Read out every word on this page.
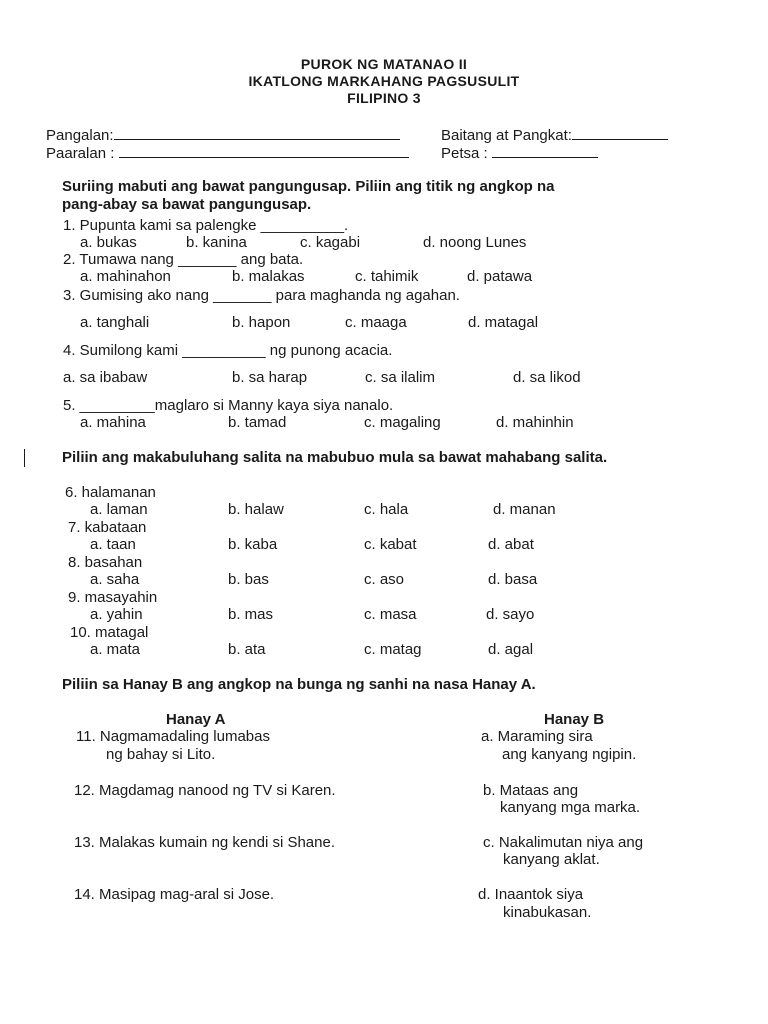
PUROK NG MATANAO II
IKATLONG MARKAHANG PAGSUSULIT
FILIPINO 3
Pangalan:	Baitang at Pangkat:
Paaralan :	Petsa :
Suriing mabuti ang bawat pangungusap. Piliin ang titik ng angkop na
pang-abay sa bawat pangungusap.
1. Pupunta kami sa palengke __________.
a. bukas	b. kanina	c. kagabi	d. noong Lunes
2. Tumawa nang _______ ang bata.
a. mahinahon	b. malakas	c. tahimik	d. patawa
3. Gumising ako nang _______ para maghanda ng agahan.
a. tanghali	b. hapon	c. maaga	d. matagal
4. Sumilong kami __________ ng punong acacia.
a. sa ibabaw	b. sa harap	c. sa ilalim	d. sa likod
5. _________maglaro si Manny kaya siya nanalo.
a. mahina	b. tamad	c. magaling	d. mahinhin
Piliin ang makabuluhang salita na mabubuo mula sa bawat mahabang salita.
6. halamanan
a. laman	b. halaw	c. hala	d. manan
7. kabataan
a. taan	b. kaba	c. kabat	d. abat
8. basahan
a. saha	b. bas	c. aso	d. basa
9. masayahin
a. yahin	b. mas	c. masa	d. sayo
10. matagal
a. mata	b. ata	c. matag	d. agal
Piliin sa Hanay B ang angkop na bunga ng sanhi na nasa Hanay A.
Hanay A	Hanay B
11. Nagmamadaling lumabas
ng bahay si Lito.
a. Maraming sira
ang kanyang ngipin.
12. Magdamag nanood ng TV si Karen.	b. Mataas ang
kanyang mga marka.
13. Malakas kumain ng kendi si Shane.	c. Nakalimutan niya ang
kanyang aklat.
14. Masipag mag-aral si Jose.	d. Inaantok siya
kinabukasan.
